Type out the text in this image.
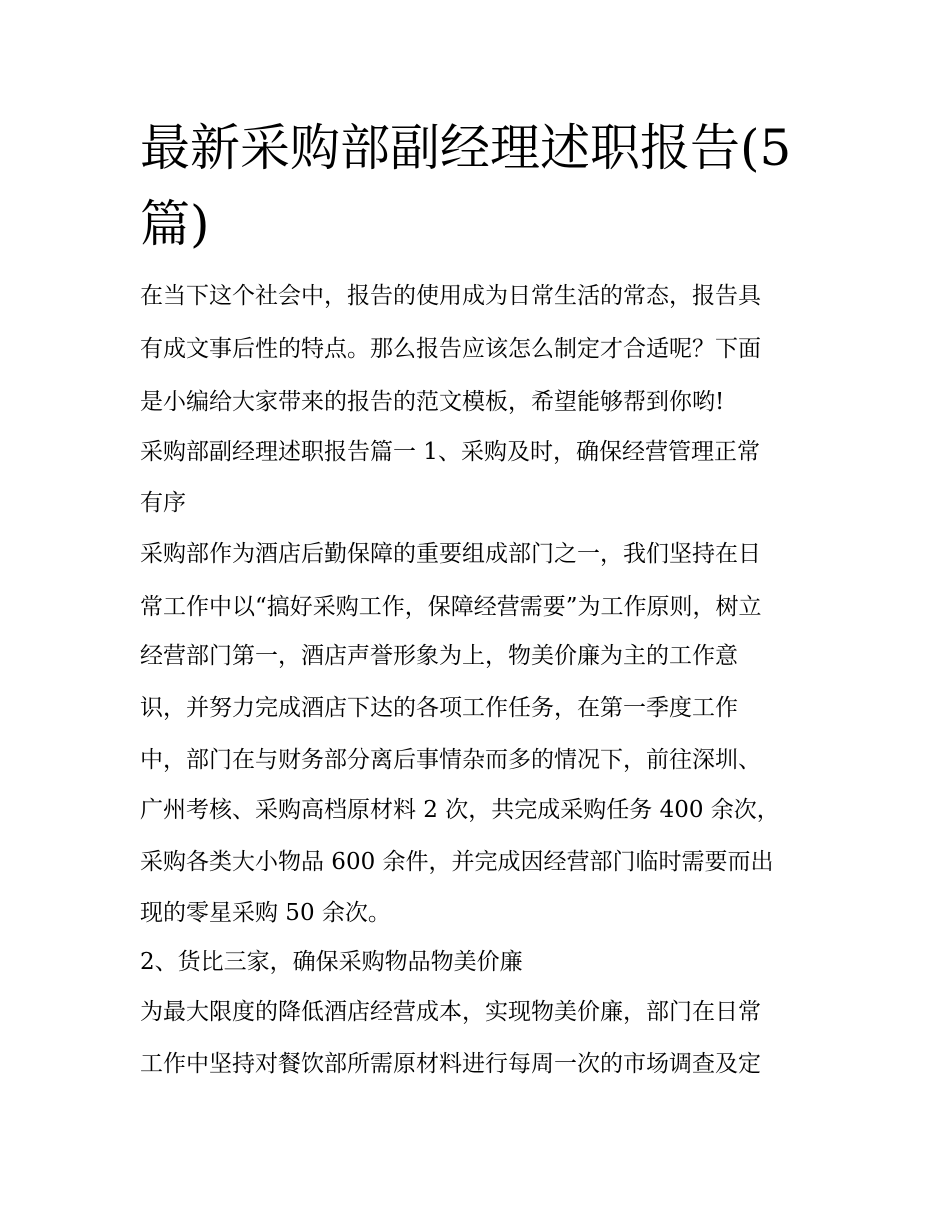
最新采购部副经理述职报告(5篇)
在当下这个社会中，报告的使用成为日常生活的常态，报告具
有成文事后性的特点。那么报告应该怎么制定才合适呢？下面
是小编给大家带来的报告的范文模板，希望能够帮到你哟!
采购部副经理述职报告篇一 1、采购及时，确保经营管理正常
有序
采购部作为酒店后勤保障的重要组成部门之一，我们坚持在日
常工作中以“搞好采购工作，保障经营需要”为工作原则，树立
经营部门第一，酒店声誉形象为上，物美价廉为主的工作意
识，并努力完成酒店下达的各项工作任务，在第一季度工作
中，部门在与财务部分离后事情杂而多的情况下，前往深圳、
广州考核、采购高档原材料 2 次，共完成采购任务 400 余次，
采购各类大小物品 600 余件，并完成因经营部门临时需要而出
现的零星采购 50 余次。
2、货比三家，确保采购物品物美价廉
为最大限度的降低酒店经营成本，实现物美价廉，部门在日常
工作中坚持对餐饮部所需原材料进行每周一次的市场调查及定
